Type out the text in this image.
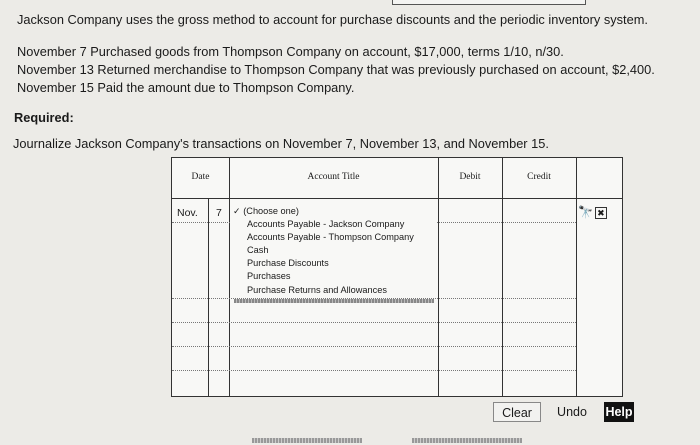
Jackson Company uses the gross method to account for purchase discounts and the periodic inventory system.
November 7 Purchased goods from Thompson Company on account, $17,000, terms 1/10, n/30.
November 13 Returned merchandise to Thompson Company that was previously purchased on account, $2,400.
November 15 Paid the amount due to Thompson Company.
Required:
Journalize Jackson Company's transactions on November 7, November 13, and November 15.
Date	Account Title	Debit	Credit
Nov. 7 ✓ (Choose one)
Accounts Payable - Jackson Company
Accounts Payable - Thompson Company
Cash
Purchase Discounts
Purchases
Purchase Returns and Allowances
🔭 ✖
Clear	Undo	Help
